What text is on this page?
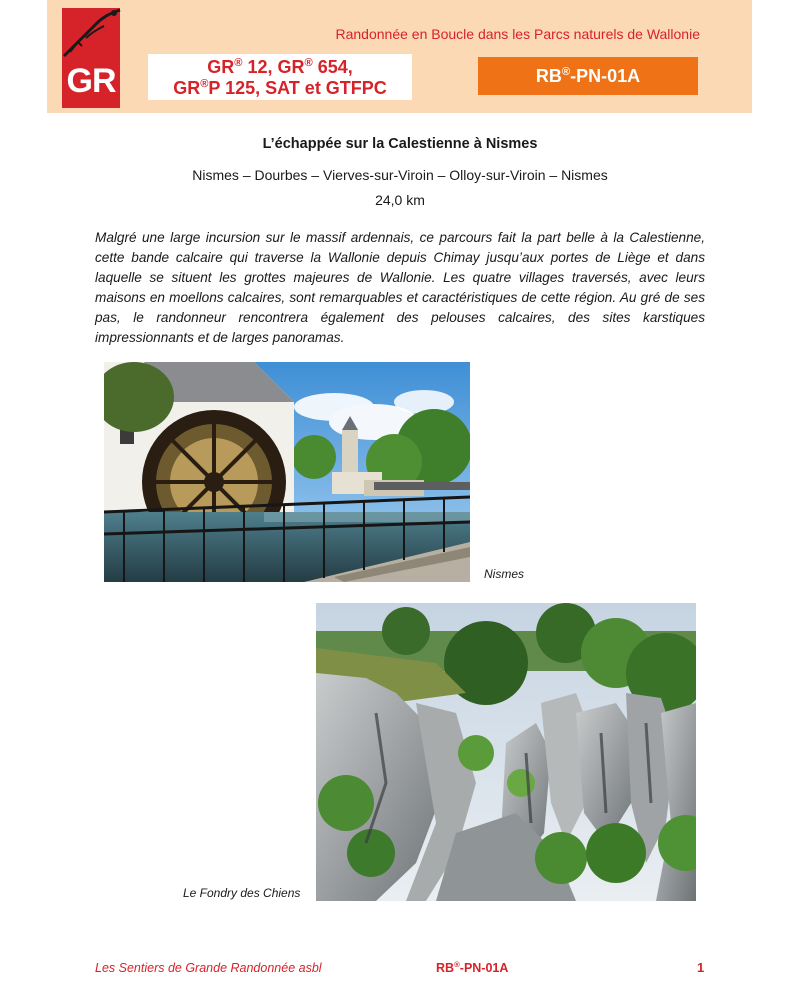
GR
Randonnée en Boucle dans les Parcs naturels de Wallonie
GR® 12, GR® 654,
GR®P 125, SAT et GTFPC
RB®-PN-01A
L’échappée sur la Calestienne à Nismes
Nismes – Dourbes – Vierves-sur-Viroin – Olloy-sur-Viroin – Nismes
24,0 km

Malgré une large incursion sur le massif ardennais, ce parcours fait la part belle à la Calestienne, cette bande calcaire qui traverse la Wallonie depuis Chimay jusqu’aux portes de Liège et dans laquelle se situent les grottes majeures de Wallonie. Les quatre villages traversés, avec leurs maisons en moellons calcaires, sont remarquables et caractéristiques de cette région. Au gré de ses pas, le randonneur rencontrera également des pelouses calcaires, des sites karstiques impressionnants et de larges panoramas.

Nismes
Le Fondry des Chiens
Les Sentiers de Grande Randonnée asbl	RB®-PN-01A	1
